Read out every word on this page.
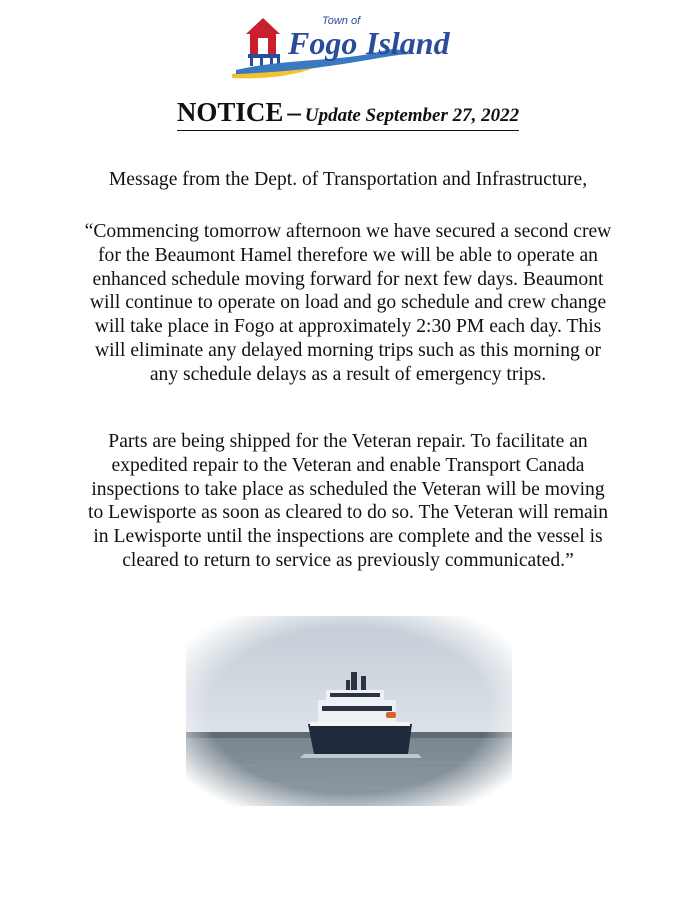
Town of
Fogo Island
NOTICE – Update September 27, 2022
Message from the Dept. of Transportation and Infrastructure,
“Commencing tomorrow afternoon we have secured a second crew
for the Beaumont Hamel therefore we will be able to operate an
enhanced schedule moving forward for next few days. Beaumont
will continue to operate on load and go schedule and crew change
will take place in Fogo at approximately 2:30 PM each day. This
will eliminate any delayed morning trips such as this morning or
any schedule delays as a result of emergency trips.
Parts are being shipped for the Veteran repair. To facilitate an
expedited repair to the Veteran and enable Transport Canada
inspections to take place as scheduled the Veteran will be moving
to Lewisporte as soon as cleared to do so. The Veteran will remain
in Lewisporte until the inspections are complete and the vessel is
cleared to return to service as previously communicated.”
